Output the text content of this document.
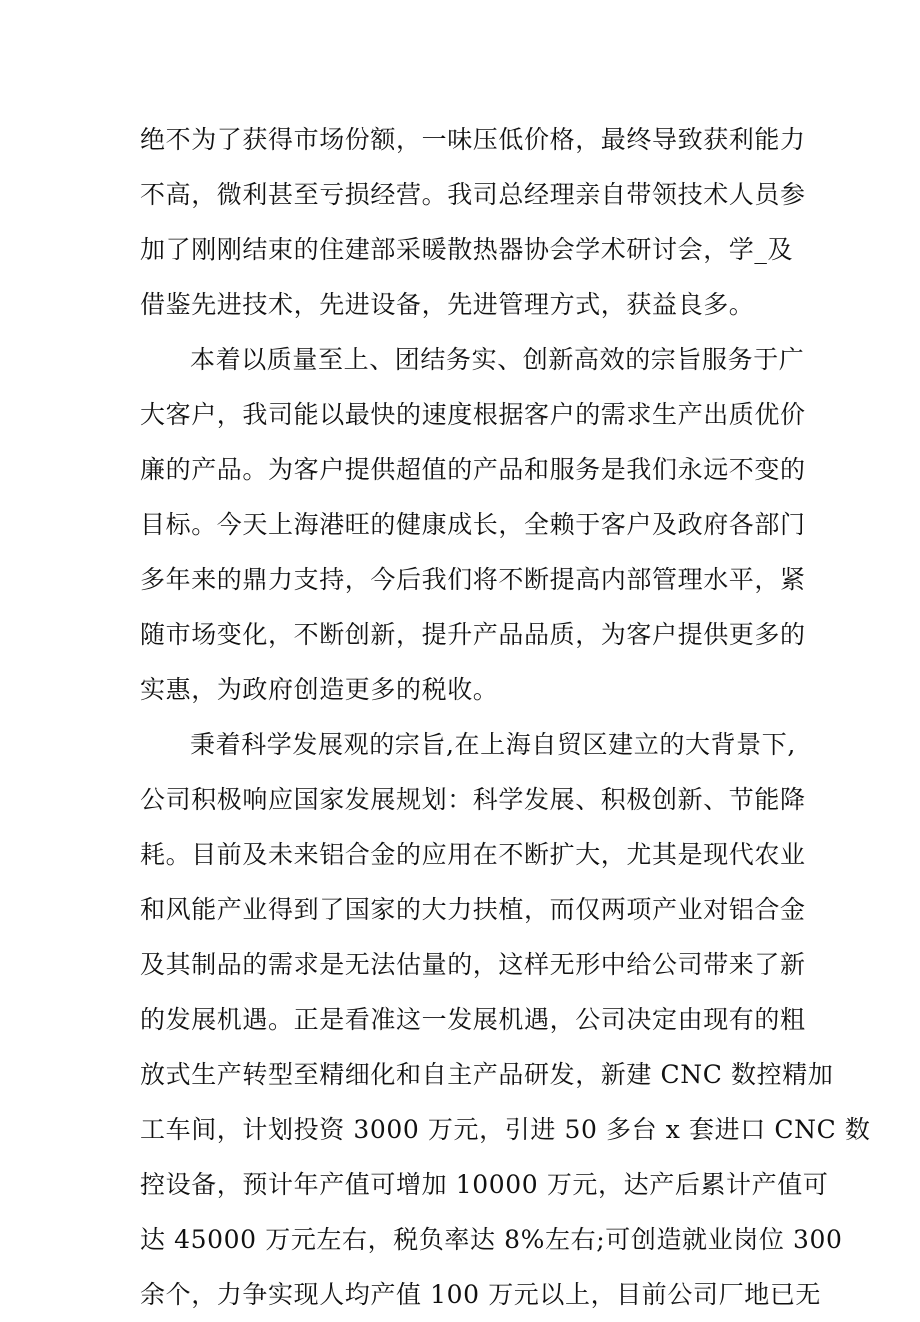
绝不为了获得市场份额，一味压低价格，最终导致获利能力
不高，微利甚至亏损经营。我司总经理亲自带领技术人员参
加了刚刚结束的住建部采暖散热器协会学术研讨会，学_及
借鉴先进技术，先进设备，先进管理方式，获益良多。
本着以质量至上、团结务实、创新高效的宗旨服务于广
大客户，我司能以最快的速度根据客户的需求生产出质优价
廉的产品。为客户提供超值的产品和服务是我们永远不变的
目标。今天上海港旺的健康成长，全赖于客户及政府各部门
多年来的鼎力支持，今后我们将不断提高内部管理水平，紧
随市场变化，不断创新，提升产品品质，为客户提供更多的
实惠，为政府创造更多的税收。
秉着科学发展观的宗旨,在上海自贸区建立的大背景下,
公司积极响应国家发展规划：科学发展、积极创新、节能降
耗。目前及未来铝合金的应用在不断扩大，尤其是现代农业
和风能产业得到了国家的大力扶植，而仅两项产业对铝合金
及其制品的需求是无法估量的，这样无形中给公司带来了新
的发展机遇。正是看准这一发展机遇，公司决定由现有的粗
放式生产转型至精细化和自主产品研发，新建 CNC 数控精加
工车间，计划投资 3000 万元，引进 50 多台 x 套进口 CNC 数
控设备，预计年产值可增加 10000 万元，达产后累计产值可
达 45000 万元左右，税负率达 8%左右;可创造就业岗位 300
余个，力争实现人均产值 100 万元以上，目前公司厂地已无
